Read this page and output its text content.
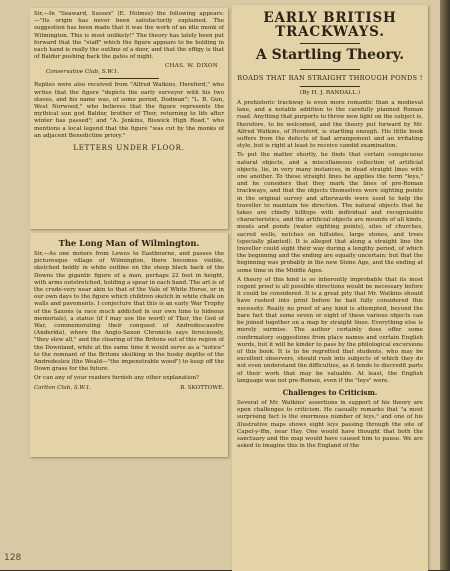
Sir,—In "Seaward, Sussex" (E. Holmes) the following appears:—"Its origin has never been satisfactorily explained. The suggestion has been made that it was the work of an idle monk of Wilmington. This is most unlikely!" The theory has lately been put forward that the "staff" which the figure appears to be holding in each hand is really the outline of a door, and that the effigy is that of Baldur pushing back the gates of night.

CHAS. W. DIXON
Conservative Club, S.W.1.

Replies were also received from "Alfred Watkins, Hereford," who writes that the figure "depicts the early surveyor with his two staves, and his name was, of some period, Dodman"; "L. B. Gun, West Norwood," who believes that the figure represents the mythical sun god Baldur, brother of Thor, returning to life after winter has passed"; and "A. Jenkins, Biswick High Road," who mentions a local legend that the figure "was cut by the monks of an adjacent Benedictine priory."

LETTERS UNDER FLOOR.
The Long Man of Wilmington.

Sir,—As one motors from Lewes to Eastbourne, and passes the picturesque village of Wilmington, there becomes visible, sketched boldly in white outline on the steep black back of the Downs the gigantic figure of a man, perhaps 22 feet in height, with arms outstretched, holding a spear in each hand. The art is of the crude-very near akin to that of the Vale of White Horse, or in our own days to the figure which children sketch in white chalk on walls and pavements. I conjecture that this is an early War Trophy of the Saxons (a race much addicted in our own time to hideous memorials), a statue (if I may use the word) of Thor, the God of War, commemorating their conquest of Andredescaestre (Anderida), where the Anglo-Saxon Chronicle says ferociously, "they slew all," and the clearing of the Britons out of this region of the Downland, while at the same time it would serve as a "notice" to the remnant of the Britons skulking in the bosky depths of the Andredesleu (the Weald—"the impenetrable wood") to keep off the Down grass for the future.

Or can any of your readers furnish any other explanation?

Carlton Club, S.W.1.	B. SKOTTOWE.
EARLY BRITISH TRACKWAYS.
A Startling Theory.
ROADS THAT RAN STRAIGHT THROUGH PONDS !
(By H. J. RANDALL.)

A prehistoric trackway is even more romantic than a medieval lane, and a notable addition to the carefully planned Roman road. Anything that purports to throw new light on the subject is, therefore, to be welcomed, and the theory put forward by Mr. Alfred Watkins, of Hereford, is startling enough. His little book suffers from the defects of bad arrangement and an irritating style, but is right at least to receive candid examination.

To put the matter shortly, he finds that certain conspicuous natural objects, and a miscellaneous collection of artificial objects, lie, in very many instances, in dead straight lines with one another. To these straight lines he applies the term "leys," and he considers that they mark the lines of pre-Roman trackways, and that the objects themselves were sighting points in the original survey and afterwards were used to help the traveller to maintain his direction. The natural objects that he takes are chiefly hilltops with individual and recognisable characteristics, and the artificial objects are mounds of all kinds, moats and ponds (water sighting points), sites of churches, sacred wells, notches on hillsides, large stones, and trees (specially planted). It is alleged that along a straight line the traveller could sight their way during a lengthy period, of which the beginning and the ending are equally uncertain; but that the beginning was probably in the new Stone Age, and the ending at some time in the Middle Ages.

A theory of this kind is so inherently improbable that its most cogent proof is all possible directions would be necessary before it could be considered. It is a great pity that Mr. Watkins should have rushed into print before he had fully considered this necessity. Really no proof of any kind is attempted, beyond the bare fact that some seven or eight of these various objects can be joined together on a map by straight lines. Everything else is merely surmise. The author certainly does offer some confirmatory suggestions from place names and certain English words, but it will be kinder to pass by the philological excursions of this book. It is to be regretted that students, who may be excellent observers, should rush into subjects of which they do not even understand the difficulties, as it tends to discredit parts of their work that may be valuable. At least, the English language was not pre-Roman, even if the "leys" were.

Challenges to Criticism.

Several of Mr. Watkins' assertions in support of his theory are open challenges to criticism. He casually remarks that "a most surprising fact is the enormous number of leys," and one of his illustrative maps shows eight leys passing through the site of Capel-y-ffin, near Hay. One would have thought that both the sanctuary and the map would have caused him to pause. We are asked to imagine this in the England of the

128
